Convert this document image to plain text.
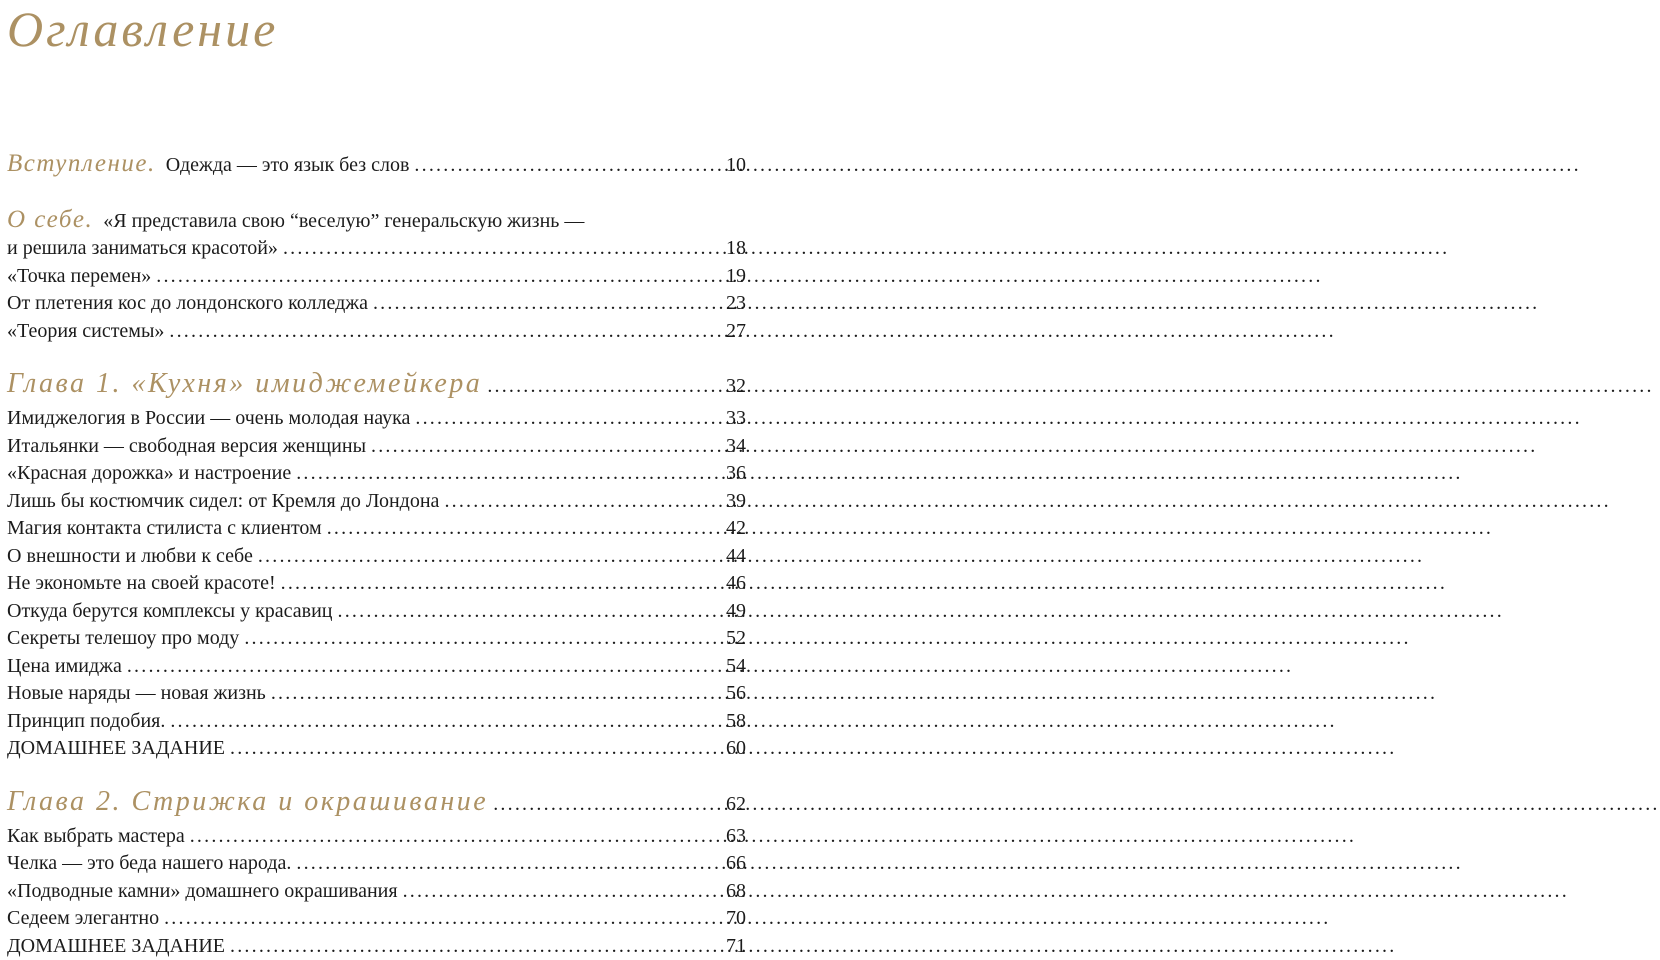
Оглавление
Вступление. Одежда — это язык без слов .....	10
О себе. «Я представила свою “веселую” генеральскую жизнь —
и решила заниматься красотой» .....	18
«Точка перемен» .....	19
От плетения кос до лондонского колледжа .....	23
«Теория системы» .....	27
Глава 1. «Кухня» имиджемейкера .....	32
Имиджелогия в России — очень молодая наука .....	33
Итальянки — свободная версия женщины .....	34
«Красная дорожка» и настроение .....	36
Лишь бы костюмчик сидел: от Кремля до Лондона .....	39
Магия контакта стилиста с клиентом .....	42
О внешности и любви к себе .....	44
Не экономьте на своей красоте! .....	46
Откуда берутся комплексы у красавиц .....	49
Секреты телешоу про моду .....	52
Цена имиджа .....	54
Новые наряды — новая жизнь .....	56
Принцип подобия. .....	58
ДОМАШНЕЕ ЗАДАНИЕ .....	60
Глава 2. Стрижка и окрашивание .....	62
Как выбрать мастера .....	63
Челка — это беда нашего народа. .....	66
«Подводные камни» домашнего окрашивания .....	68
Седеем элегантно .....	70
ДОМАШНЕЕ ЗАДАНИЕ .....	71
